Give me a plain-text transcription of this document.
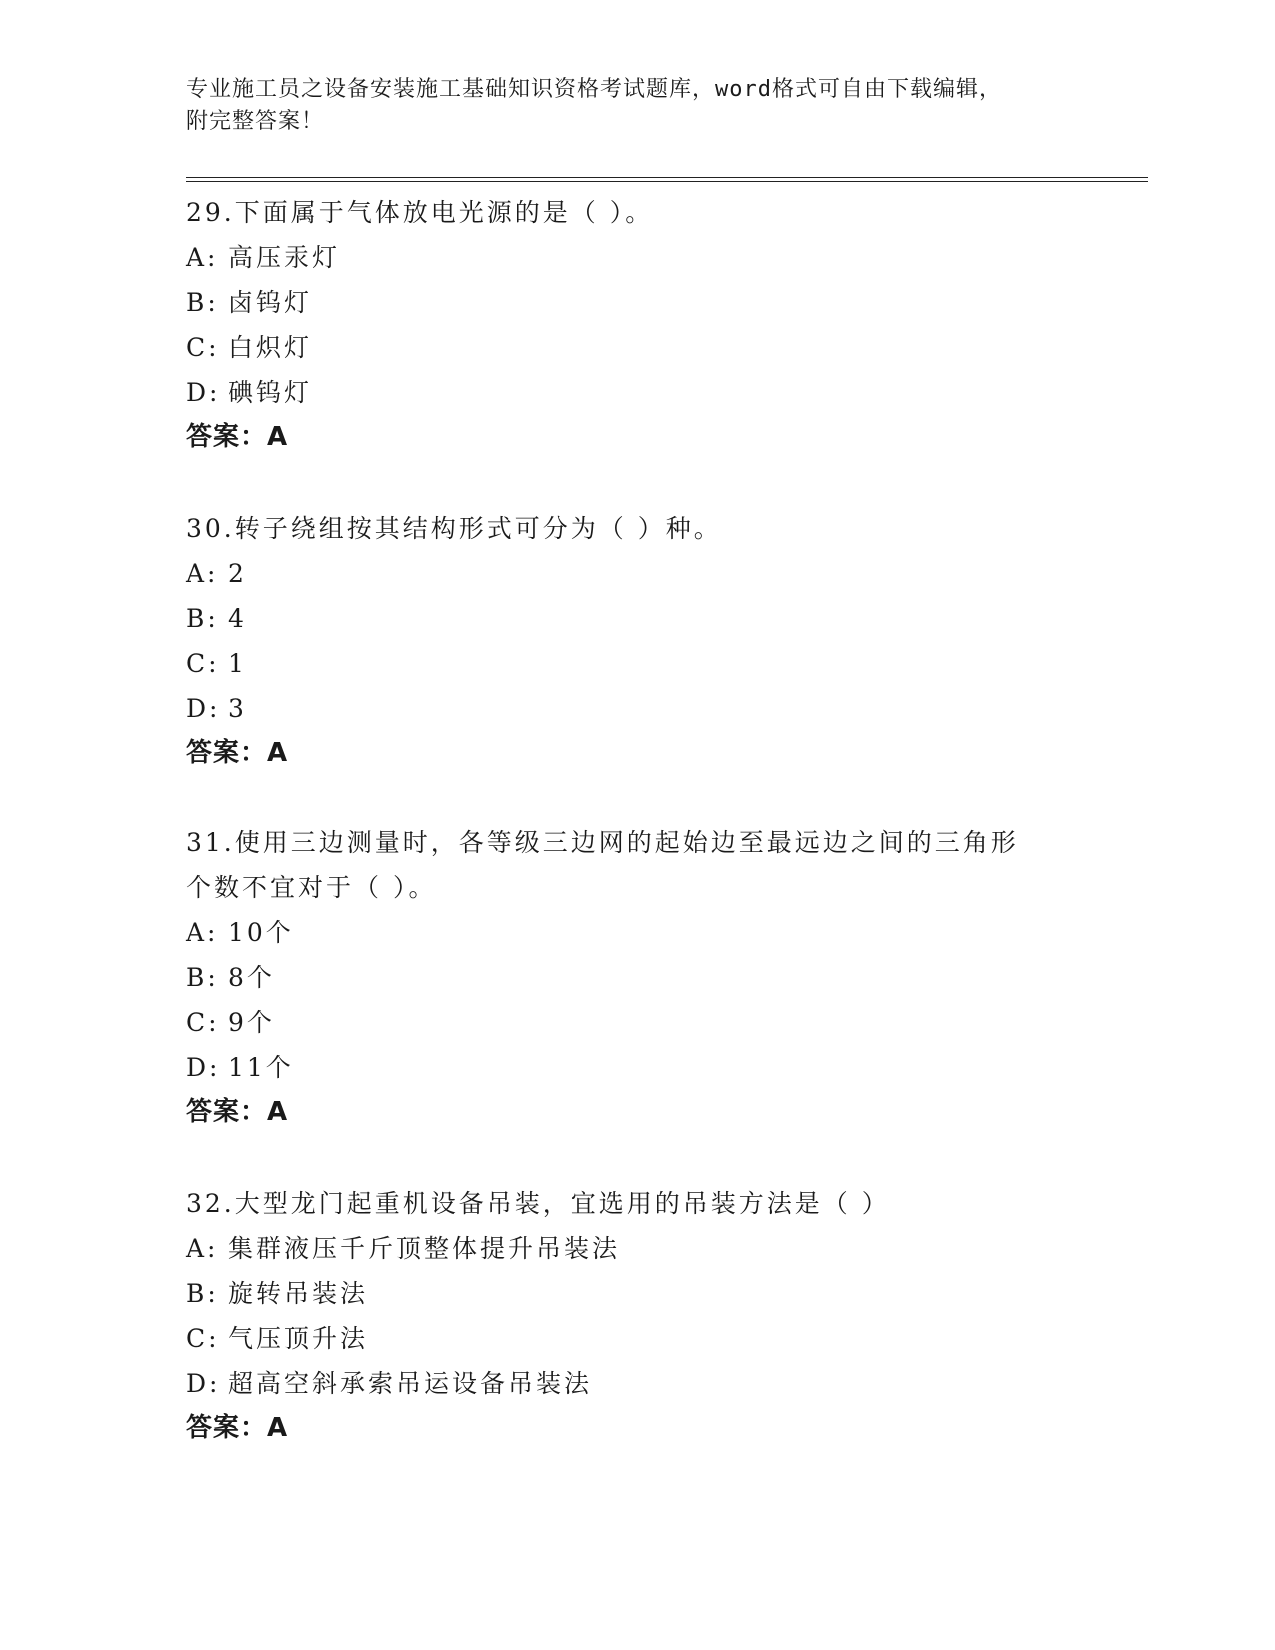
专业施工员之设备安装施工基础知识资格考试题库，word格式可自由下载编辑，
附完整答案！
29.下面属于气体放电光源的是（ ）。
A: 高压汞灯
B: 卤钨灯
C: 白炽灯
D: 碘钨灯
答案：A
30.转子绕组按其结构形式可分为（ ）种。
A: 2
B: 4
C: 1
D: 3
答案：A
31.使用三边测量时，各等级三边网的起始边至最远边之间的三角形个数不宜对于（ ）。
A: 10个
B: 8个
C: 9个
D: 11个
答案：A
32.大型龙门起重机设备吊装，宜选用的吊装方法是（ ）
A: 集群液压千斤顶整体提升吊装法
B: 旋转吊装法
C: 气压顶升法
D: 超高空斜承索吊运设备吊装法
答案：A
